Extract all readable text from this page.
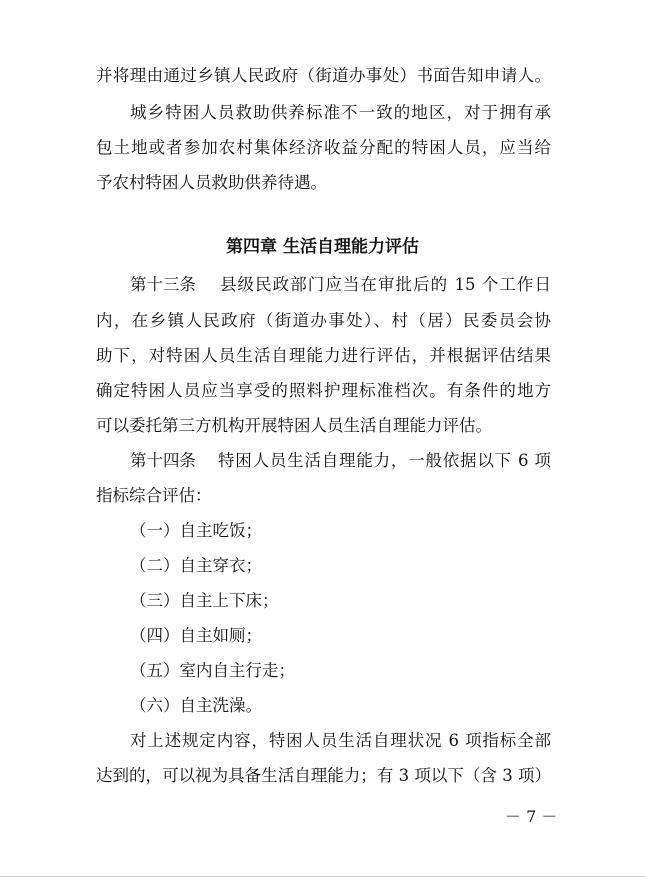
并将理由通过乡镇人民政府（街道办事处）书面告知申请人。
城乡特困人员救助供养标准不一致的地区，对于拥有承
包土地或者参加农村集体经济收益分配的特困人员，应当给
予农村特困人员救助供养待遇。
第四章 生活自理能力评估
第十三条	县级民政部门应当在审批后的 15 个工作日
内，在乡镇人民政府（街道办事处）、村（居）民委员会协
助下，对特困人员生活自理能力进行评估，并根据评估结果
确定特困人员应当享受的照料护理标准档次。有条件的地方
可以委托第三方机构开展特困人员生活自理能力评估。
第十四条	特困人员生活自理能力，一般依据以下 6 项
指标综合评估：
（一）自主吃饭；
（二）自主穿衣；
（三）自主上下床；
（四）自主如厕；
（五）室内自主行走；
（六）自主洗澡。
对上述规定内容，特困人员生活自理状况 6 项指标全部
达到的，可以视为具备生活自理能力；有 3 项以下（含 3 项）
－ 7 －
